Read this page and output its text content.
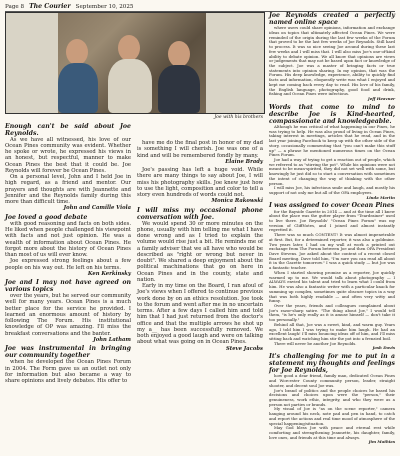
Page 8 The Courier September 10, 2025
Joe with his brothers

Enough can't be said about Joe Reynolds.

As we have all witnessed, his love of our Ocean Pines community was evident. Whether he spoke or wrote, he expressed his views in an honest, but respectful, manner to make Ocean Pines the best that it could be. Joe Reynolds will forever be Ocean Pines.

On a personal level, John and I held Joe in high regard, as a friend and mentor. Our prayers and thoughts are with Jeannette and Jennifer and the Reynolds family during this more than difficult time.

John and Camille Viola

Joe loved a good debate

with good reasoning and facts on both sides. He liked when people challenged his viewpoint with facts and not just opinion. He was a wealth of information about Ocean Pines. He forgot more about the history of Ocean Pines than most of us will ever know.

Joe expressed strong feelings about a few people on his way out. He left on his terms.

Ken Kerkinsky

Joe and I may not have agreed on various topics

over the years, but he served our community well for many years. Ocean Pines is a much better place for the service he provided. I learned an enormous amount of history by following The Forum. His institutional knowledge of OP was amazing. I'll miss the breakfast conversations and the banter.

John Latham

Joe was instrumental in bringing our community together

when he developed the Ocean Pines Forum in 2004. The Form gave us an outlet not only for information but also became a way to share opinions and lively debates. His offer to

have me do the final post in honor of my dad is something I will cherish. Joe was one of a kind and will be remembered fondly by many.

Elaine Brady

Joe's passing has left a huge void. While there are many things to say about Joe, I will miss his photography skills. Joe knew just how to use the light, composition and color to tell a story even hundreds of words could not.

Monica Rakowski

I will miss my occasional phone conversation with Joe.

We would spend 30 or more minutes on the phone, usually with him telling me what I have done wrong and as I tried to explain the volume would rise just a bit. He reminds me of a family adviser that we all have who would be described as "right or wrong but never in doubt". We shared a deep enjoyment about the political machinations that go on here in Ocean Pines and in the county, state and nation.

Early in my time on the Board, I ran afoul of Joe's views when I offered to continue previous work done by on an ethics resolution. Joe took to the forum and went after me in no uncertain terms. After a few days I called him and told him that I had just returned from the doctor's office and that the multiple arrows he shot up my a__ has been successfully removed. We both enjoyed a good laugh and were on talking about what was going on in Ocean Pines.

Steve Jacobs

Joe Reynolds created a perfectly named online space

where users could share opinions, information and exchange ideas on topics that ultimately affected Ocean Pines. We were reminded of the origin during the last few weeks of the Forum that proved to be the last few weeks of Joe Reynolds. Still hard to process. It was so nice seeing Joe around during these last few weeks and I will miss that. I will also miss Joe's one-of-kind ability to debate opinion. We all know that opinions are views or judgements that may not be based upon fact or knowledge of the subject. Joe was a master of bringing facts or true statements into opinion sharing. In my opinion, that was the Forum. His deep knowledge, experience, ability to quickly find facts and information, eloquently write was what I enjoyed and kept me coming back every day to read. His love of his family, the English language, photography, good food and drink, fishing and Ocean Pines were infectious.

Jeff Heavner

Words that come to mind to describe Joe is Kind-hearted, compassionate and knowledgeable.

Although he was critical of what happening in our Pines, he was trying to help. He was also proud of living in Ocean Pines, taking interest in meetings, articles that he read, and in the last year joining Facebook to keep up with the other side of the story, occasionally commenting that "you can't make this stuff up" — a phrase he mentioned numerous times on the Ocean Pines Forum.

Joe had a way of trying to get a reaction out of people, which we referred to as "stirring the pot". While his opinions were not meant to be mean-spirited, they did not set well with some, but knowingly he just did so to start a conversation with sometimes the intent of changing the way of thinking with the other person.

I will miss Joe, his infectious smile and laugh, and mostly his support of not only me but all of the OPA employees.

Linda Martin

I was assigned to cover Ocean Pines

for the Bayside Gazette in 2014 — and at the time all I knew about the place was the gutter player from "Teardrainer" used to live there. Joe Reynolds' "Ocean Pines Forum" was my version of CliffNotes, and I joined and almost instantly regretted it.

There was so much CONTENT! It was almost impenetrable at first. But, for a determined reporter, it was also a goldmine. Two years later, I had on my wall at work a printed out exchange from The Forum between Joe and then OPA President Dave Stevens. Joe asked about the content of a recent closed Board meeting. Dave told him, "I'm sure you can read all about it in the Gazette tomorrow." I was a quick study — but Joe was a fantastic teacher.

When I started showing promise as a reporter, Joe quickly warmed up to me. We would talk about photography — I ALWAYS envied his talent and tried to learn what I could from him. He was also a fantastic writer with a particular knack for summing up complex, sometimes quite obscure topics in a way that was both highly readable — and often very witty and funny.

Over the years, friends and colleagues complained about Joe's razor-sharp satire. "The thing about Joe," I would tell them, "is he's only really as it is amuse himself — don't take it too personally."

Behind all that, Joe was a sweet, kind, and warm guy. Years ago, I told him I was trying to make him laugh. He had an excellent laugh! I'll miss bouncing ideas off of him, and I'll miss sitting back and watching him stir the pot into a frenzied boil.

There will never be another Joe Reynolds.

Josh Davis

It's challenging for me to put in a statement my thoughts and feelings for Joe Reynolds,

how good a dear friend, family man, dedicated Ocean Pines and Worcester County community person, leader, straight shooter, and decent soul Joe was.

Joe's brand of politics and the people choices he based his decisions and choices upon were the "person," their genuineness, work ethic, integrity, and who they were as a person not parties or brands.

My visual of Joe is "as on the scene reporter," camera hanging around his neck, note pad and pen in hand, to catch and report the actions and real time mood of atmosphere of the special happening/situation.

May God bless Joe with peace and eternal rest while comforting and strengthening Jeannette, his daughter, family, love ones, and friends at this time and always.

Jim Mathias
